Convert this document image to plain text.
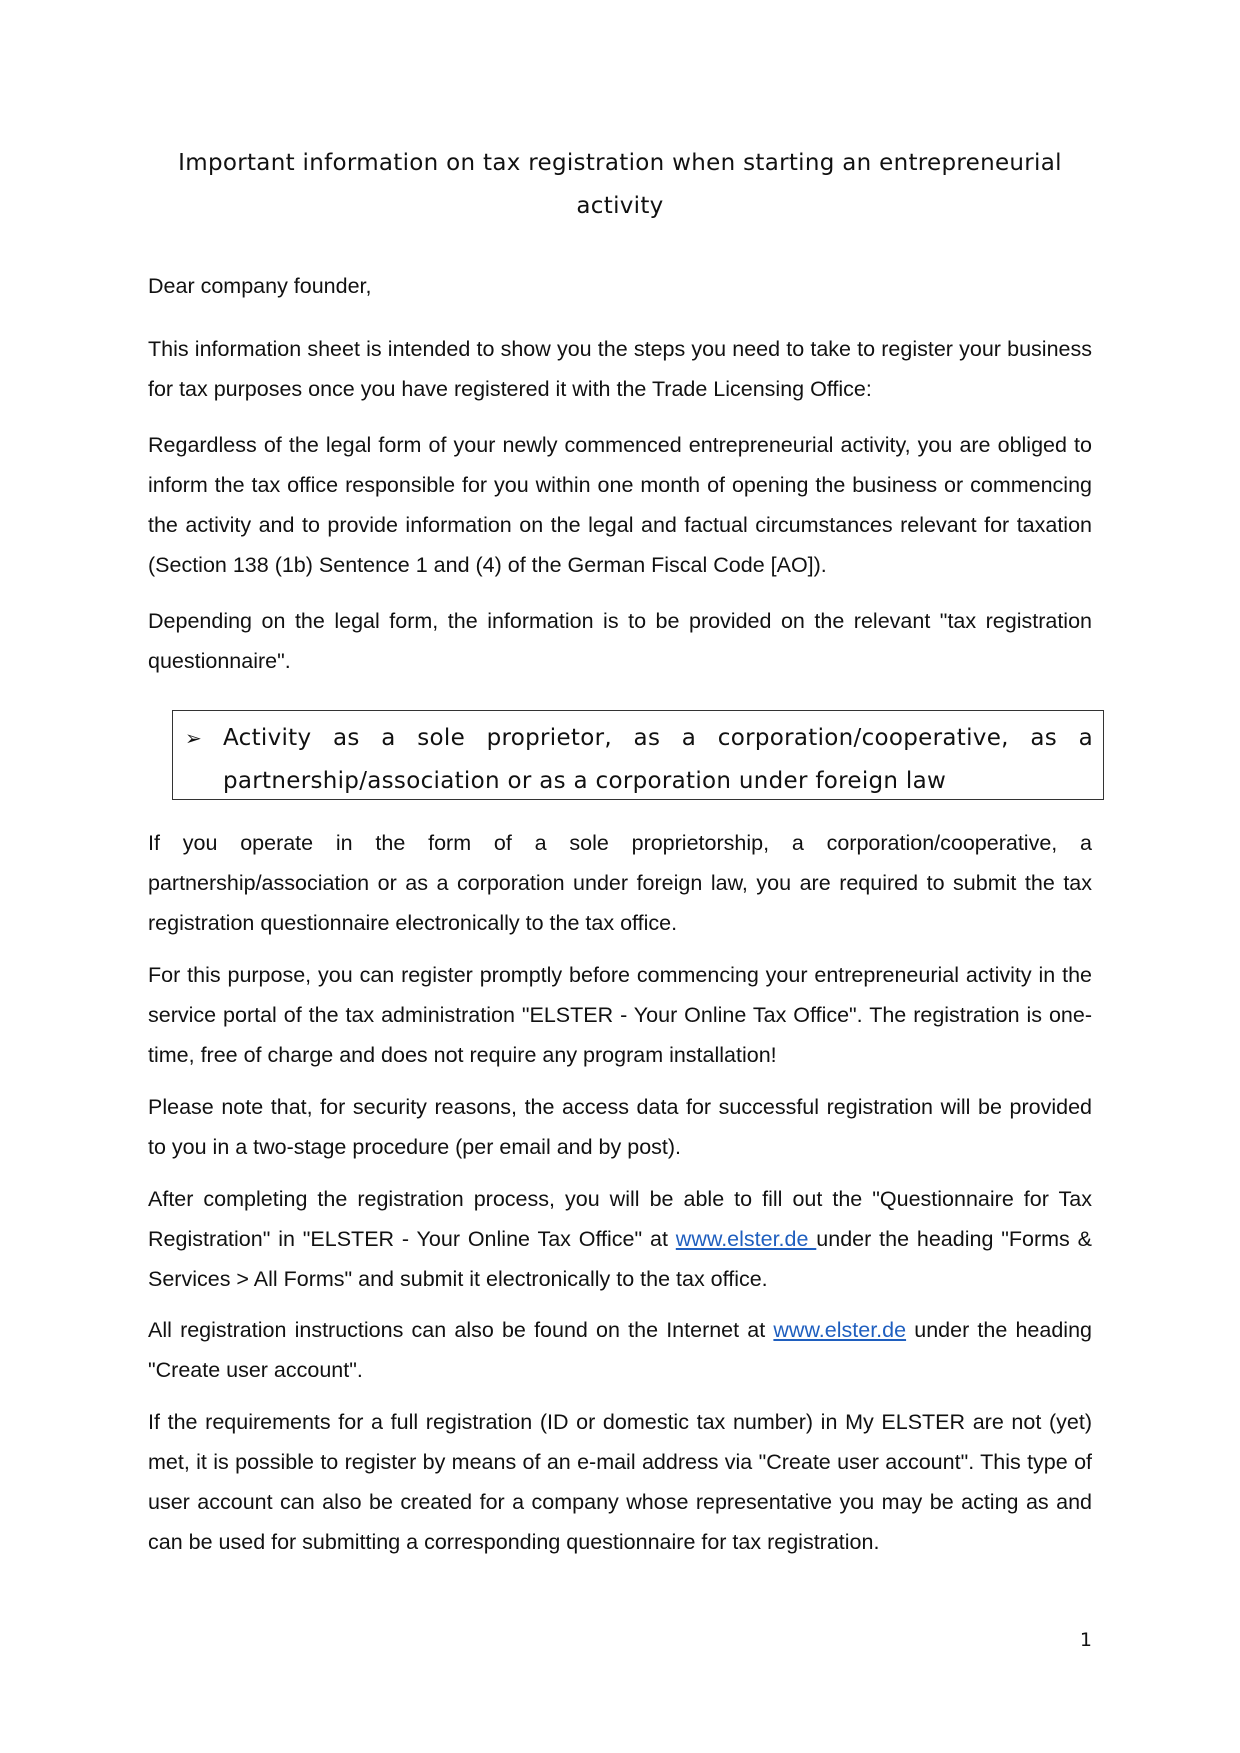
Important information on tax registration when starting an entrepreneurial activity

Dear company founder,

This information sheet is intended to show you the steps you need to take to register your business for tax purposes once you have registered it with the Trade Licensing Office:

Regardless of the legal form of your newly commenced entrepreneurial activity, you are obliged to inform the tax office responsible for you within one month of opening the business or commencing the activity and to provide information on the legal and factual circumstances relevant for taxation (Section 138 (1b) Sentence 1 and (4) of the German Fiscal Code [AO]).

Depending on the legal form, the information is to be provided on the relevant "tax registration questionnaire".

➢ Activity as a sole proprietor, as a corporation/cooperative, as a partnership/association or as a corporation under foreign law

If you operate in the form of a sole proprietorship, a corporation/cooperative, a partnership/association or as a corporation under foreign law, you are required to submit the tax registration questionnaire electronically to the tax office.

For this purpose, you can register promptly before commencing your entrepreneurial activity in the service portal of the tax administration "ELSTER - Your Online Tax Office". The registration is one-time, free of charge and does not require any program installation!

Please note that, for security reasons, the access data for successful registration will be provided to you in a two-stage procedure (per email and by post).

After completing the registration process, you will be able to fill out the "Questionnaire for Tax Registration" in "ELSTER - Your Online Tax Office" at www.elster.de under the heading "Forms & Services > All Forms" and submit it electronically to the tax office.

All registration instructions can also be found on the Internet at www.elster.de under the heading "Create user account".

If the requirements for a full registration (ID or domestic tax number) in My ELSTER are not (yet) met, it is possible to register by means of an e-mail address via "Create user account". This type of user account can also be created for a company whose representative you may be acting as and can be used for submitting a corresponding questionnaire for tax registration.

1
